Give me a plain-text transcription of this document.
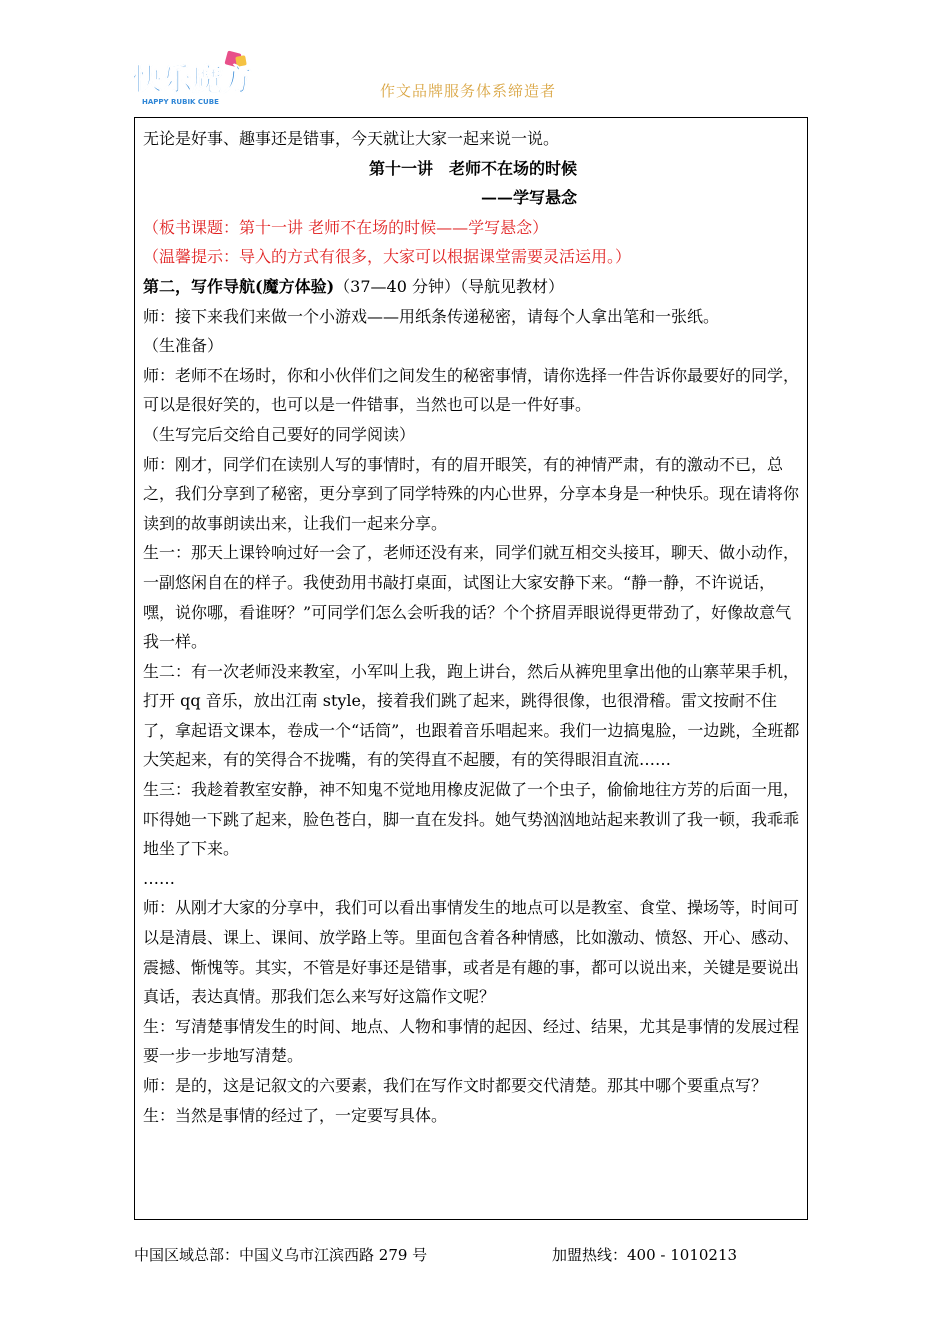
快乐魔方
HAPPY RUBIK CUBE
作文品牌服务体系缔造者

无论是好事、趣事还是错事，今天就让大家一起来说一说。

第十一讲　老师不在场的时候

——学写悬念

（板书课题：第十一讲 老师不在场的时候——学写悬念）

（温馨提示：导入的方式有很多，大家可以根据课堂需要灵活运用。）

第二，写作导航(魔方体验)（37—40 分钟）（导航见教材）

师：接下来我们来做一个小游戏——用纸条传递秘密，请每个人拿出笔和一张纸。

（生准备）

师：老师不在场时，你和小伙伴们之间发生的秘密事情，请你选择一件告诉你最要好的同学，可以是很好笑的，也可以是一件错事，当然也可以是一件好事。

（生写完后交给自己要好的同学阅读）

师：刚才，同学们在读别人写的事情时，有的眉开眼笑，有的神情严肃，有的激动不已，总之，我们分享到了秘密，更分享到了同学特殊的内心世界，分享本身是一种快乐。现在请将你读到的故事朗读出来，让我们一起来分享。

生一：那天上课铃响过好一会了，老师还没有来，同学们就互相交头接耳，聊天、做小动作，一副悠闲自在的样子。我使劲用书敲打桌面，试图让大家安静下来。“静一静，不许说话，嘿，说你哪，看谁呀？”可同学们怎么会听我的话？个个挤眉弄眼说得更带劲了，好像故意气我一样。

生二：有一次老师没来教室，小军叫上我，跑上讲台，然后从裤兜里拿出他的山寨苹果手机，打开 qq 音乐，放出江南 style，接着我们跳了起来，跳得很像，也很滑稽。雷文按耐不住了，拿起语文课本，卷成一个“话筒”，也跟着音乐唱起来。我们一边搞鬼脸，一边跳，全班都大笑起来，有的笑得合不拢嘴，有的笑得直不起腰，有的笑得眼泪直流……

生三：我趁着教室安静，神不知鬼不觉地用橡皮泥做了一个虫子，偷偷地往方芳的后面一甩，吓得她一下跳了起来，脸色苍白，脚一直在发抖。她气势汹汹地站起来教训了我一顿，我乖乖地坐了下来。

……

师：从刚才大家的分享中，我们可以看出事情发生的地点可以是教室、食堂、操场等，时间可以是清晨、课上、课间、放学路上等。里面包含着各种情感，比如激动、愤怒、开心、感动、震撼、惭愧等。其实，不管是好事还是错事，或者是有趣的事，都可以说出来，关键是要说出真话，表达真情。那我们怎么来写好这篇作文呢？

生：写清楚事情发生的时间、地点、人物和事情的起因、经过、结果，尤其是事情的发展过程要一步一步地写清楚。

师：是的，这是记叙文的六要素，我们在写作文时都要交代清楚。那其中哪个要重点写？

生：当然是事情的经过了，一定要写具体。

中国区域总部：中国义乌市江滨西路 279 号	加盟热线：400 - 1010213
